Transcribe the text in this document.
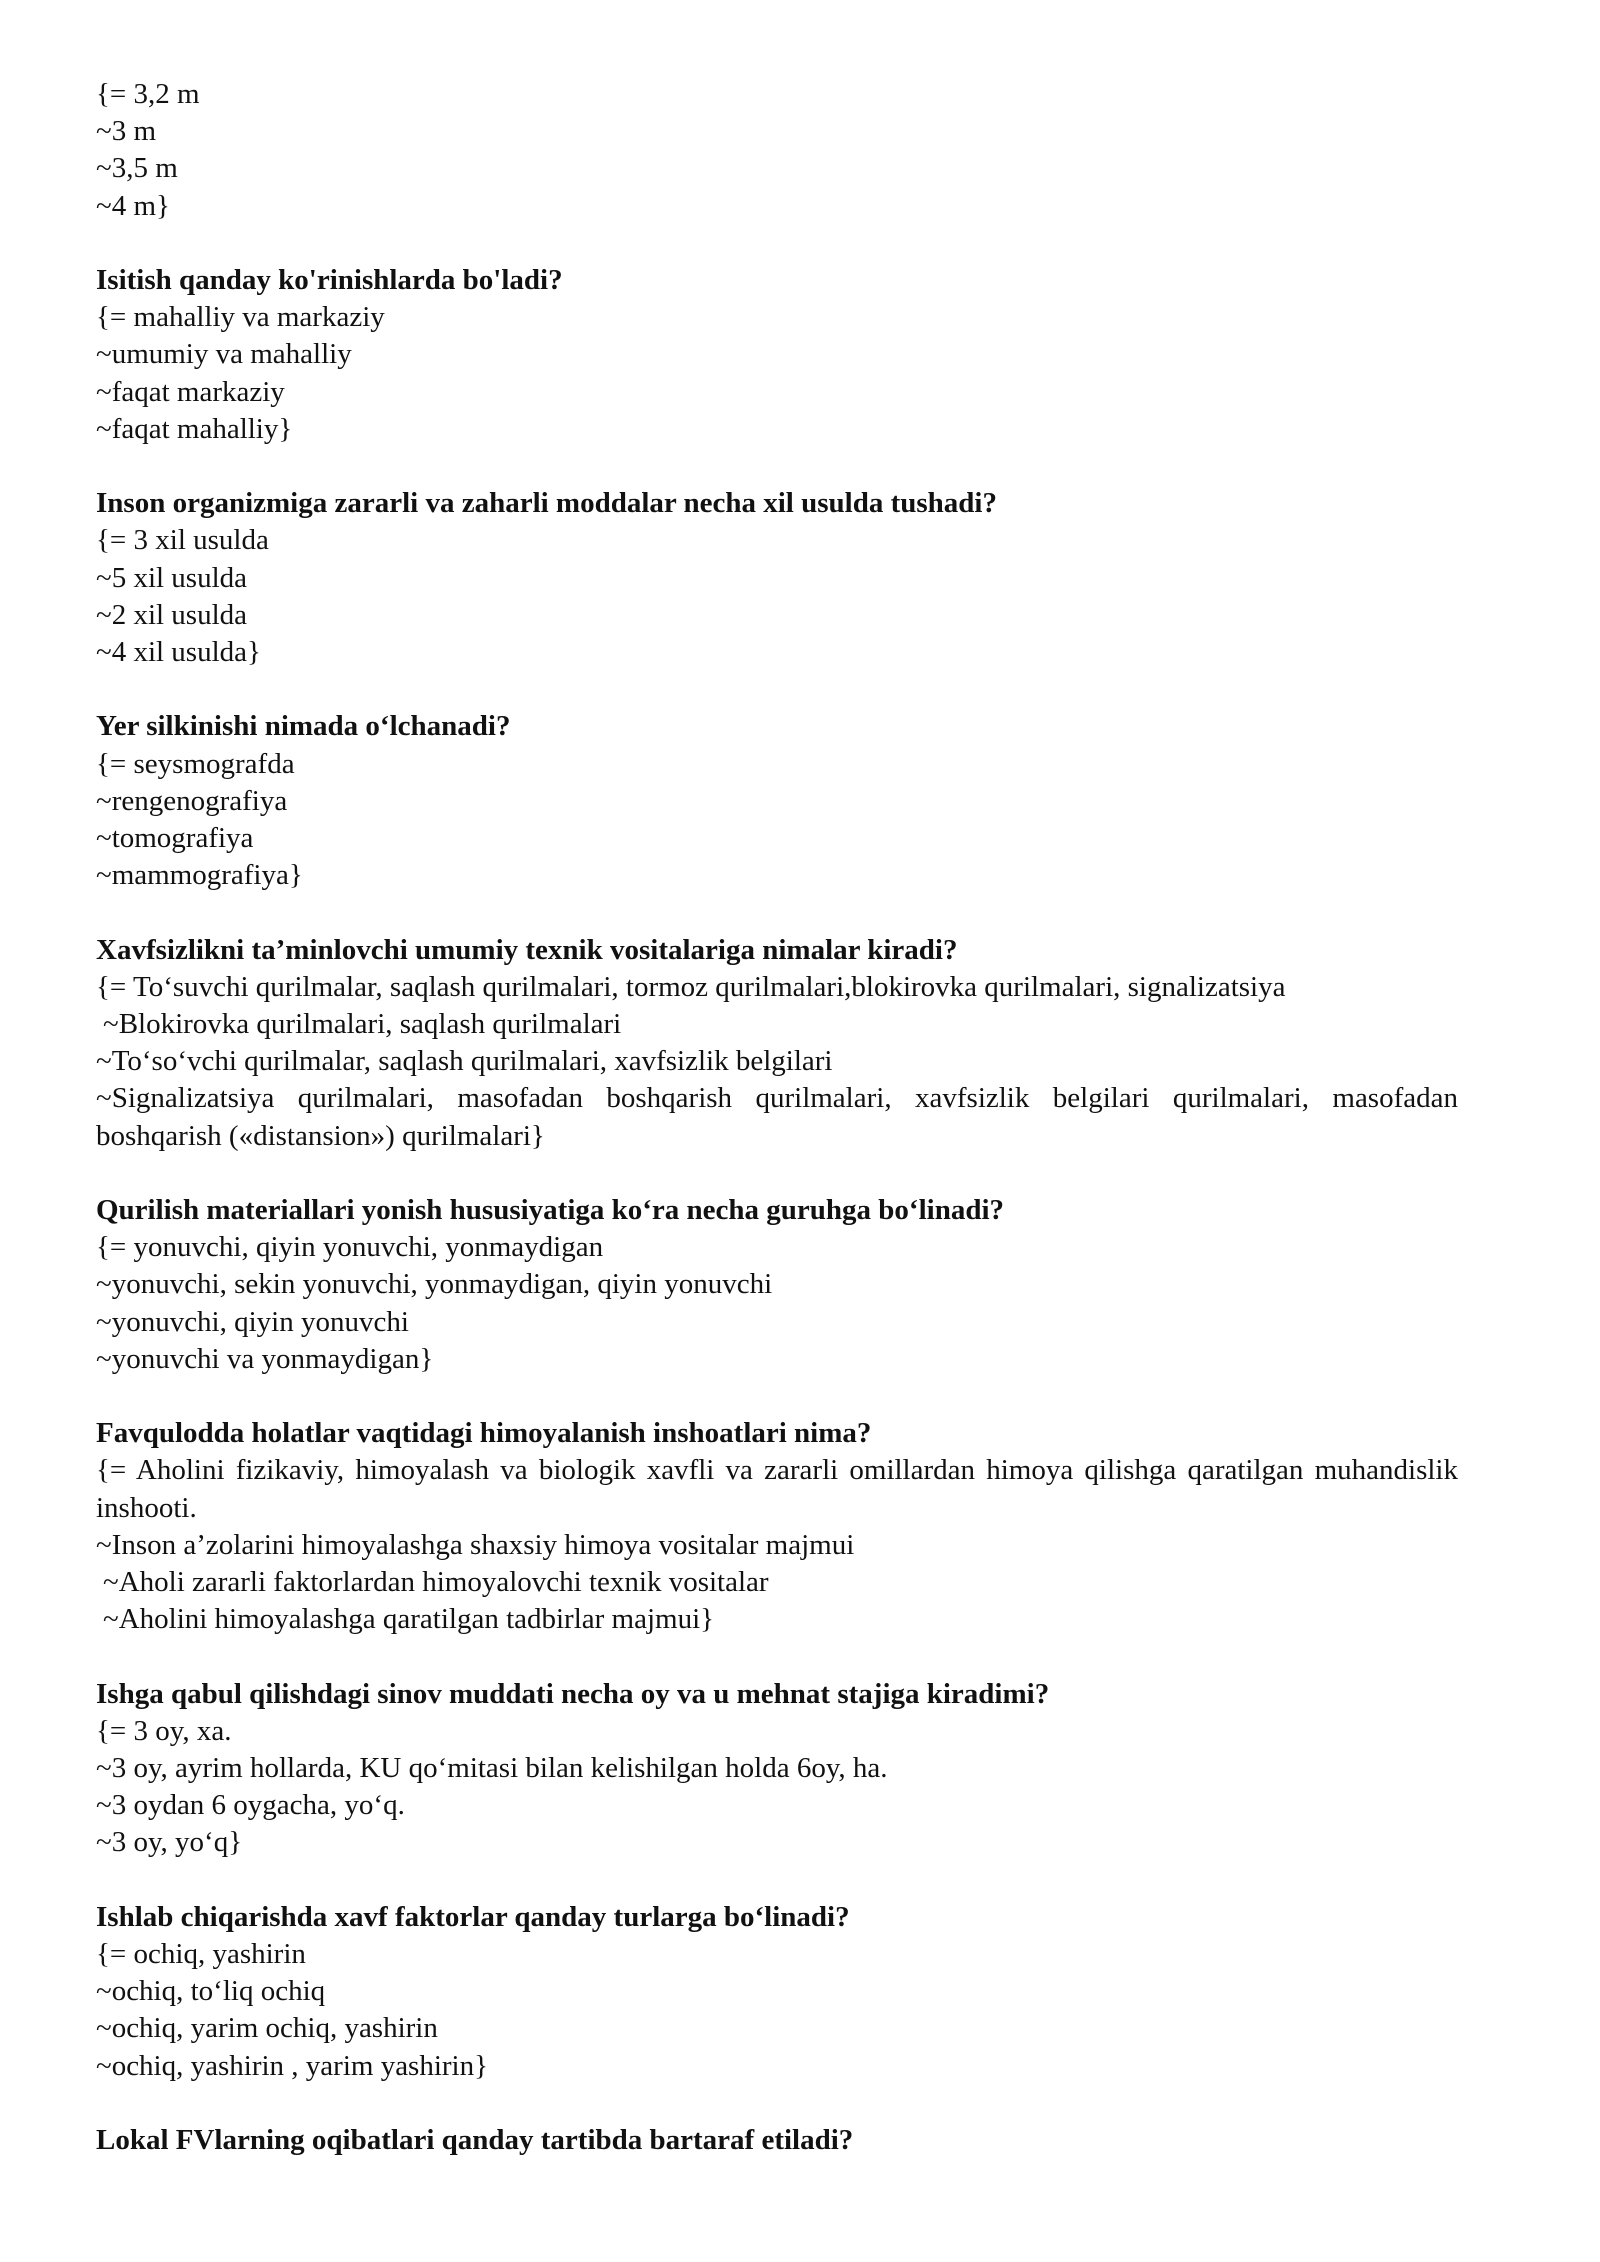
{= 3,2 m
~3 m
~3,5 m
~4 m}
Isitish qanday ko'rinishlarda bo'ladi?
{= mahalliy va markaziy
~umumiy va mahalliy
~faqat markaziy
~faqat mahalliy}
Inson organizmiga zararli va zaharli moddalar necha xil usulda tushadi?
{= 3 xil usulda
~5 xil usulda
~2 xil usulda
~4 xil usulda}
Yer silkinishi nimada o‘lchanadi?
{= seysmografda
~rengenografiya
~tomografiya
~mammografiya}
Xavfsizlikni ta’minlovchi umumiy texnik vositalariga nimalar kiradi?
{= To‘suvchi qurilmalar, saqlash qurilmalari, tormoz qurilmalari,blokirovka qurilmalari, signalizatsiya
~Blokirovka qurilmalari, saqlash qurilmalari
~To‘so‘vchi qurilmalar, saqlash qurilmalari, xavfsizlik belgilari
~Signalizatsiya qurilmalari, masofadan boshqarish qurilmalari, xavfsizlik belgilari qurilmalari, masofadan boshqarish («distansion») qurilmalari}
Qurilish materiallari yonish hususiyatiga ko‘ra necha guruhga bo‘linadi?
{= yonuvchi, qiyin yonuvchi, yonmaydigan
~yonuvchi, sekin yonuvchi, yonmaydigan, qiyin yonuvchi
~yonuvchi, qiyin yonuvchi
~yonuvchi va yonmaydigan}
Favqulodda holatlar vaqtidagi himoyalanish inshoatlari nima?
{= Aholini fizikaviy, himoyalash va biologik xavfli va zararli omillardan himoya qilishga qaratilgan muhandislik inshooti.
~Inson a’zolarini himoyalashga shaxsiy himoya vositalar majmui
~Aholi zararli faktorlardan himoyalovchi texnik vositalar
~Aholini himoyalashga qaratilgan tadbirlar majmui}
Ishga qabul qilishdagi sinov muddati necha oy va u mehnat stajiga kiradimi?
{= 3 oy, xa.
~3 oy, ayrim hollarda, KU qo‘mitasi bilan kelishilgan holda 6oy, ha.
~3 oydan 6 oygacha, yo‘q.
~3 oy, yo‘q}
Ishlab chiqarishda xavf faktorlar qanday turlarga bo‘linadi?
{= ochiq, yashirin
~ochiq, to‘liq ochiq
~ochiq, yarim ochiq, yashirin
~ochiq, yashirin , yarim yashirin}
Lokal FVlarning oqibatlari qanday tartibda bartaraf etiladi?
